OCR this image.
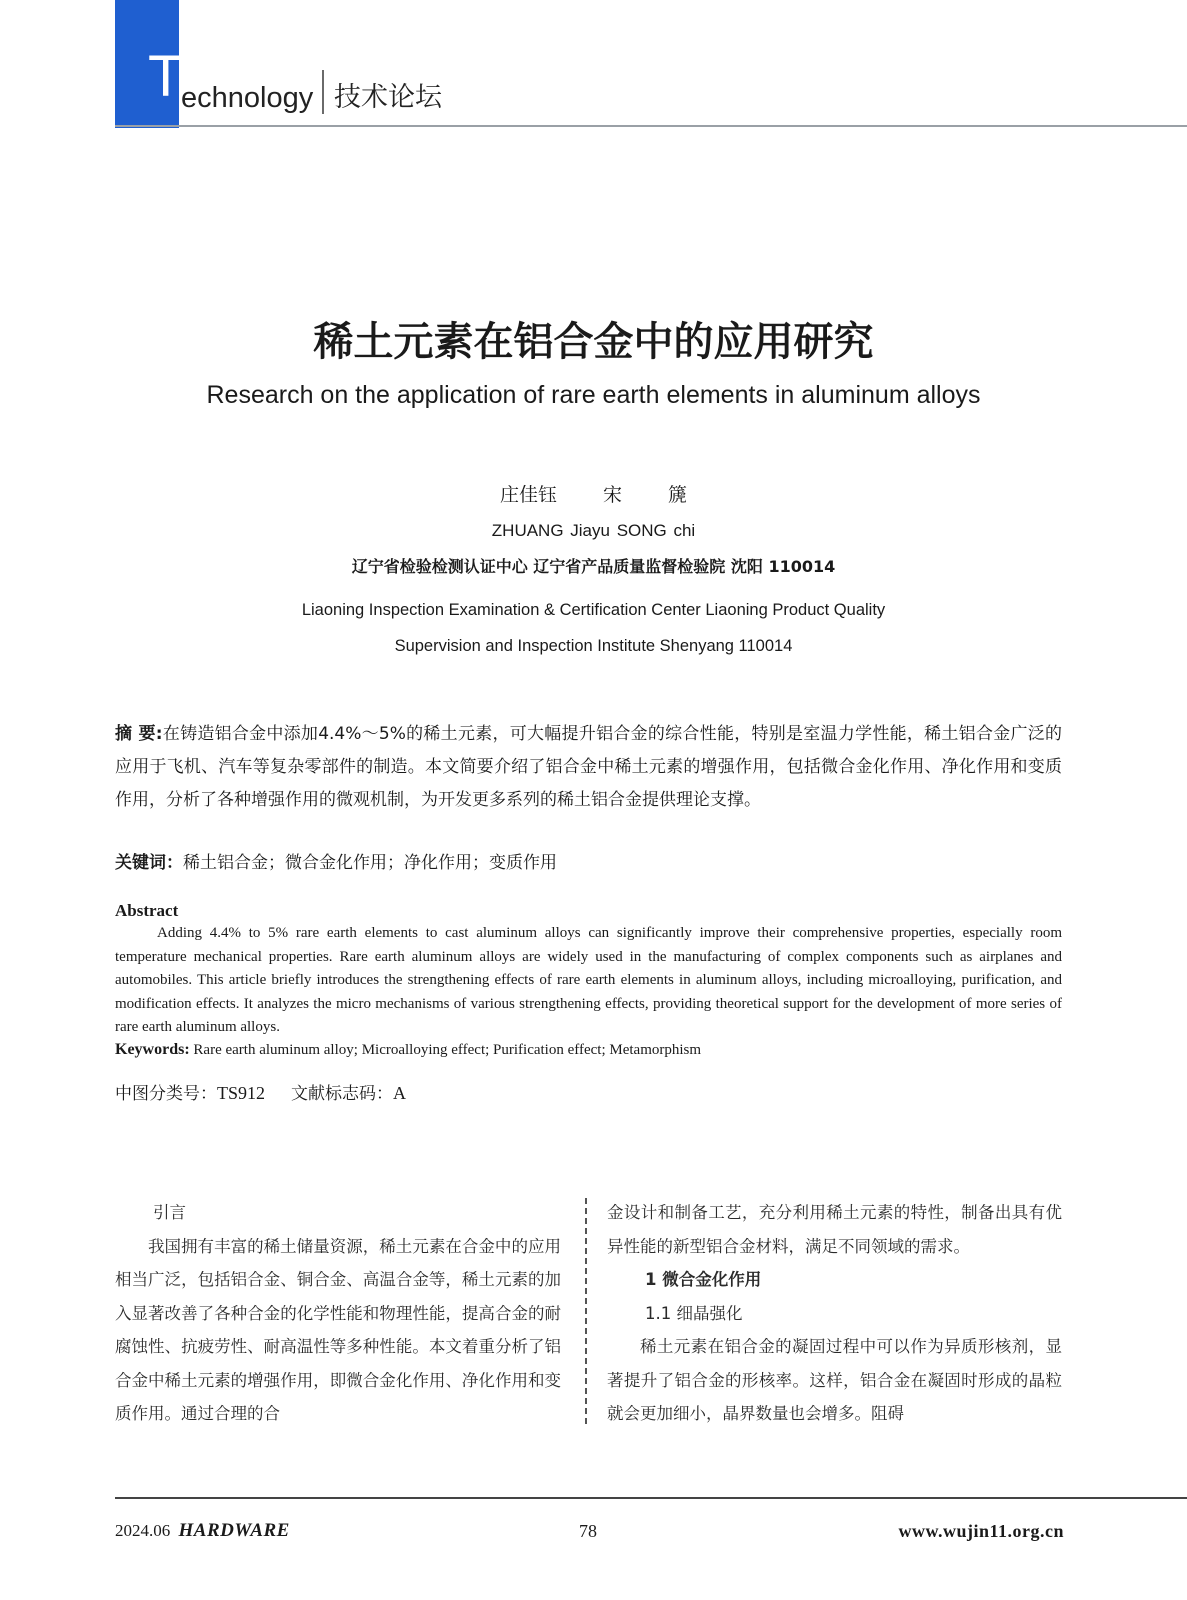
T
echnology 技术论坛
稀土元素在铝合金中的应用研究
Research on the application of rare earth elements in aluminum alloys
庄佳钰 宋 篪
ZHUANG Jiayu SONG chi
辽宁省检验检测认证中心 辽宁省产品质量监督检验院 沈阳 110014
Liaoning Inspection Examination & Certification Center Liaoning Product Quality
Supervision and Inspection Institute Shenyang 110014
摘 要:在铸造铝合金中添加4.4%～5%的稀土元素，可大幅提升铝合金的综合性能，特别是室温力学性能，稀土铝合金广泛的应用于飞机、汽车等复杂零部件的制造。本文简要介绍了铝合金中稀土元素的增强作用，包括微合金化作用、净化作用和变质作用，分析了各种增强作用的微观机制，为开发更多系列的稀土铝合金提供理论支撑。
关键词：稀土铝合金；微合金化作用；净化作用；变质作用
Abstract
Adding 4.4% to 5% rare earth elements to cast aluminum alloys can significantly improve their comprehensive properties, especially room temperature mechanical properties. Rare earth aluminum alloys are widely used in the manufacturing of complex components such as airplanes and automobiles. This article briefly introduces the strengthening effects of rare earth elements in aluminum alloys, including microalloying, purification, and modification effects. It analyzes the micro mechanisms of various strengthening effects, providing theoretical support for the development of more series of rare earth aluminum alloys.
Keywords: Rare earth aluminum alloy; Microalloying effect; Purification effect; Metamorphism
中图分类号：TS912 文献标志码：A

引言

我国拥有丰富的稀土储量资源，稀土元素在合金中的应用相当广泛，包括铝合金、铜合金、高温合金等，稀土元素的加入显著改善了各种合金的化学性能和物理性能，提高合金的耐腐蚀性、抗疲劳性、耐高温性等多种性能。本文着重分析了铝合金中稀土元素的增强作用，即微合金化作用、净化作用和变质作用。通过合理的合

金设计和制备工艺，充分利用稀土元素的特性，制备出具有优异性能的新型铝合金材料，满足不同领域的需求。

1 微合金化作用

1.1 细晶强化

稀土元素在铝合金的凝固过程中可以作为异质形核剂，显著提升了铝合金的形核率。这样，铝合金在凝固时形成的晶粒就会更加细小，晶界数量也会增多。阻碍

2024.06 HARDWARE	78	www.wujin11.org.cn
